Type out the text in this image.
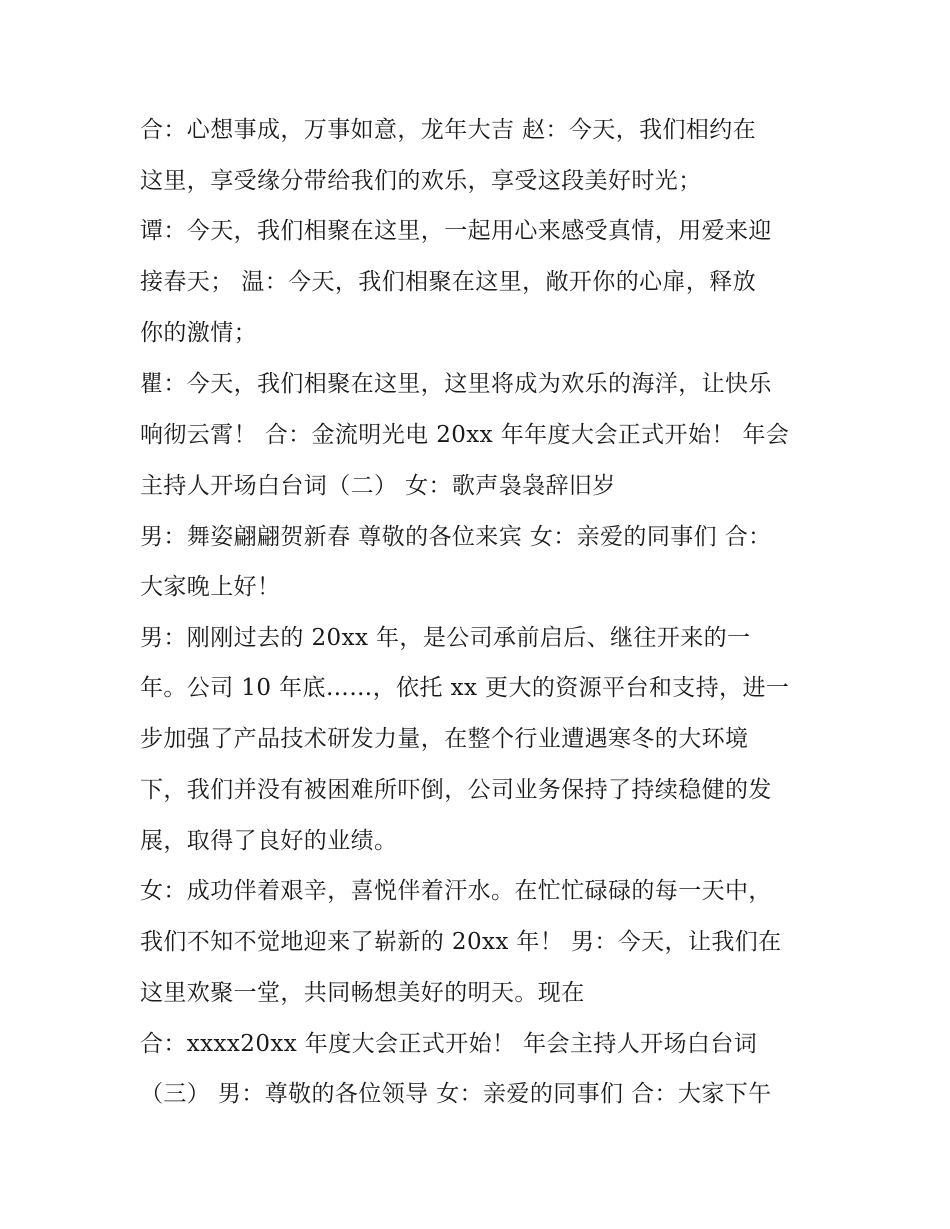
合：心想事成，万事如意，龙年大吉 赵：今天，我们相约在
这里，享受缘分带给我们的欢乐，享受这段美好时光；
谭：今天，我们相聚在这里，一起用心来感受真情，用爱来迎
接春天； 温：今天，我们相聚在这里，敞开你的心扉，释放
你的激情；
瞿：今天，我们相聚在这里，这里将成为欢乐的海洋，让快乐
响彻云霄！ 合：金流明光电 20xx 年年度大会正式开始！ 年会
主持人开场白台词（二） 女：歌声袅袅辞旧岁
男：舞姿翩翩贺新春 尊敬的各位来宾 女：亲爱的同事们 合：
大家晚上好！
男：刚刚过去的 20xx 年，是公司承前启后、继往开来的一
年。公司 10 年底……，依托 xx 更大的资源平台和支持，进一
步加强了产品技术研发力量，在整个行业遭遇寒冬的大环境
下，我们并没有被困难所吓倒，公司业务保持了持续稳健的发
展，取得了良好的业绩。
女：成功伴着艰辛，喜悦伴着汗水。在忙忙碌碌的每一天中，
我们不知不觉地迎来了崭新的 20xx 年！ 男：今天，让我们在
这里欢聚一堂，共同畅想美好的明天。现在
合：xxxx20xx 年度大会正式开始！ 年会主持人开场白台词
（三） 男：尊敬的各位领导 女：亲爱的同事们 合：大家下午
